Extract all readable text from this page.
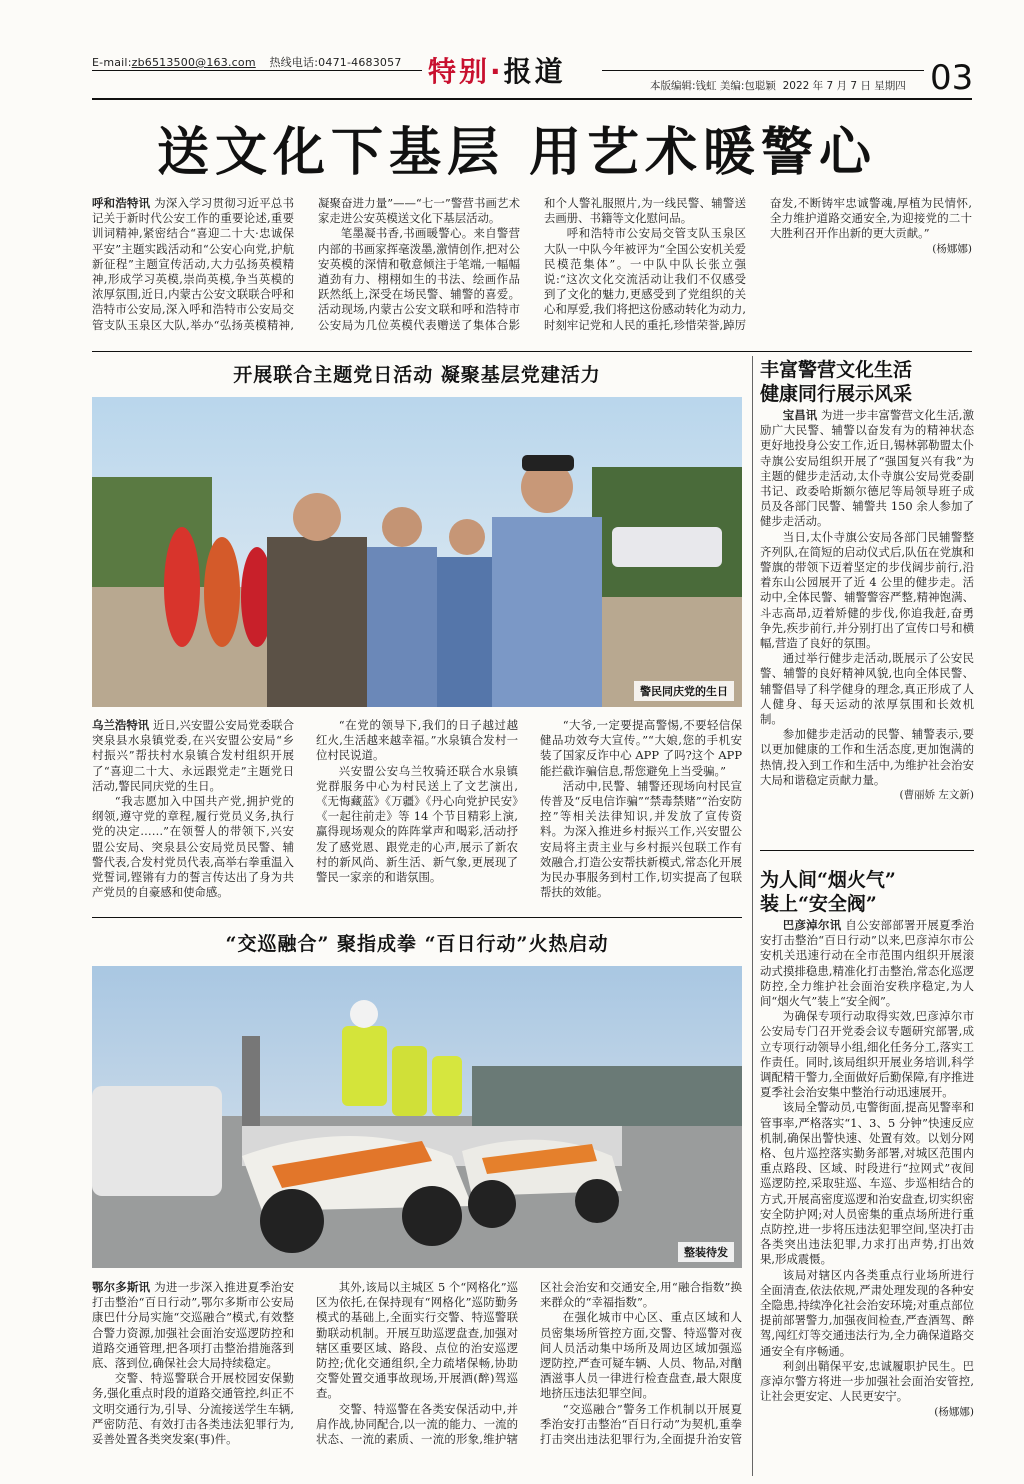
E-mail:zb6513500@163.com 热线电话:0471-4683057 特别·报道	本版编辑:钱虹 美编:包聪颖 2022 年 7 月 7 日 星期四 03
送文化下基层 用艺术暖警心

呼和浩特讯 为深入学习贯彻习近平总书记关于新时代公安工作的重要论述,重要训词精神,紧密结合“喜迎二十大·忠诚保平安”主题实践活动和“公安心向党,护航新征程”主题宣传活动,大力弘扬英模精神,形成学习英模,崇尚英模,争当英模的浓厚氛围,近日,内蒙古公安文联联合呼和浩特市公安局,深入呼和浩特市公安局交管支队玉泉区大队,举办“弘扬英模精神,凝聚奋进力量”——“七一”警营书画艺术家走进公安英模送文化下基层活动。

笔墨凝书香,书画暖警心。来自警营内部的书画家挥毫泼墨,激情创作,把对公安英模的深情和敬意倾注于笔端,一幅幅遒劲有力、栩栩如生的书法、绘画作品跃然纸上,深受在场民警、辅警的喜爱。活动现场,内蒙古公安文联和呼和浩特市公安局为几位英模代表赠送了集体合影和个人警礼服照片,为一线民警、辅警送去画册、书籍等文化慰问品。

呼和浩特市公安局交管支队玉泉区大队一中队今年被评为“全国公安机关爱民模范集体”。一中队中队长张立强说:“这次文化交流活动让我们不仅感受到了文化的魅力,更感受到了党组织的关心和厚爱,我们将把这份感动转化为动力,时刻牢记党和人民的重托,珍惜荣誉,踔厉奋发,不断铸牢忠诚警魂,厚植为民情怀,全力维护道路交通安全,为迎接党的二十大胜利召开作出新的更大贡献。”

(杨娜娜)

开展联合主题党日活动 凝聚基层党建活力
警民同庆党的生日

乌兰浩特讯 近日,兴安盟公安局党委联合突泉县水泉镇党委,在兴安盟公安局“乡村振兴”帮扶村水泉镇合发村组织开展了“喜迎二十大、永远跟党走”主题党日活动,警民同庆党的生日。

“我志愿加入中国共产党,拥护党的纲领,遵守党的章程,履行党员义务,执行党的决定……”在领誓人的带领下,兴安盟公安局、突泉县公安局党员民警、辅警代表,合发村党员代表,高举右拳重温入党誓词,铿锵有力的誓言传达出了身为共产党员的自豪感和使命感。

“在党的领导下,我们的日子越过越红火,生活越来越幸福。”水泉镇合发村一位村民说道。

兴安盟公安乌兰牧骑还联合水泉镇党群服务中心为村民送上了文艺演出,《无悔藏蓝》《万疆》《丹心向党护民安》《一起往前走》等 14 个节目精彩上演,赢得现场观众的阵阵掌声和喝彩,活动抒发了感党恩、跟党走的心声,展示了新农村的新风尚、新生活、新气象,更展现了警民一家亲的和谐氛围。

“大爷,一定要提高警惕,不要轻信保健品功效夸大宣传。”“大娘,您的手机安装了国家反诈中心 APP 了吗?这个 APP 能拦截诈骗信息,帮您避免上当受骗。”

活动中,民警、辅警还现场向村民宣传普及“反电信诈骗”“禁毒禁赌”“治安防控”等相关法律知识,并发放了宣传资料。为深入推进乡村振兴工作,兴安盟公安局将主责主业与乡村振兴包联工作有效融合,打造公安帮扶新模式,常态化开展为民办事服务到村工作,切实提高了包联帮扶的效能。

丰富警营文化生活
健康同行展示风采

宝昌讯 为进一步丰富警营文化生活,激励广大民警、辅警以奋发有为的精神状态更好地投身公安工作,近日,锡林郭勒盟太仆寺旗公安局组织开展了“强国复兴有我”为主题的健步走活动,太仆寺旗公安局党委副书记、政委哈斯额尔德尼等局领导班子成员及各部门民警、辅警共 150 余人参加了健步走活动。

当日,太仆寺旗公安局各部门民辅警整齐列队,在简短的启动仪式后,队伍在党旗和警旗的带领下迈着坚定的步伐阔步前行,沿着东山公园展开了近 4 公里的健步走。活动中,全体民警、辅警警容严整,精神饱满、斗志高昂,迈着矫健的步伐,你追我赶,奋勇争先,疾步前行,并分别打出了宣传口号和横幅,营造了良好的氛围。

通过举行健步走活动,既展示了公安民警、辅警的良好精神风貌,也向全体民警、辅警倡导了科学健身的理念,真正形成了人人健身、每天运动的浓厚氛围和长效机制。

参加健步走活动的民警、辅警表示,要以更加健康的工作和生活态度,更加饱满的热情,投入到工作和生活中,为维护社会治安大局和谐稳定贡献力量。

(曹丽娇 左文新)

为人间“烟火气”
装上“安全阀”

巴彦淖尔讯 自公安部部署开展夏季治安打击整治“百日行动”以来,巴彦淖尔市公安机关迅速行动在全市范围内组织开展滚动式摸排稳患,精准化打击整治,常态化巡逻防控,全力维护社会面治安秩序稳定,为人间“烟火气”装上“安全阀”。

为确保专项行动取得实效,巴彦淖尔市公安局专门召开党委会议专题研究部署,成立专项行动领导小组,细化任务分工,落实工作责任。同时,该局组织开展业务培训,科学调配精干警力,全面做好后勤保障,有序推进夏季社会治安集中整治行动迅速展开。

该局全警动员,屯警街面,提高见警率和管事率,严格落实“1、3、5 分钟”快速反应机制,确保出警快速、处置有效。以划分网格、包片巡控落实勤务部署,对城区范围内重点路段、区域、时段进行“拉网式”夜间巡逻防控,采取驻巡、车巡、步巡相结合的方式,开展高密度巡逻和治安盘查,切实织密安全防护网;对人员密集的重点场所进行重点防控,进一步将压违法犯罪空间,坚决打击各类突出违法犯罪,力求打出声势,打出效果,形成震慑。

该局对辖区内各类重点行业场所进行全面清查,依法依规,严肃处理发现的各种安全隐患,持续净化社会治安环境;对重点部位提前部署警力,加强夜间检查,严查酒驾、醉驾,闯红灯等交通违法行为,全力确保道路交通安全有序畅通。

利剑出鞘保平安,忠诚履职护民生。巴彦淖尔警方将进一步加强社会面治安管控,让社会更安定、人民更安宁。

(杨娜娜)

“交巡融合” 聚指成拳 “百日行动”火热启动
整装待发

鄂尔多斯讯 为进一步深入推进夏季治安打击整治“百日行动”,鄂尔多斯市公安局康巴什分局实施“交巡融合”模式,有效整合警力资源,加强社会面治安巡逻防控和道路交通管理,把各项打击整治措施落到底、落到位,确保社会大局持续稳定。

交警、特巡警联合开展校园安保勤务,强化重点时段的道路交通管控,纠正不文明交通行为,引导、分流接送学生车辆,严密防范、有效打击各类违法犯罪行为,妥善处置各类突发案(事)件。

其外,该局以主城区 5 个“网格化”巡区为依托,在保持现有“网格化”巡防勤务模式的基础上,全面实行交警、特巡警联勤联动机制。开展互助巡逻盘查,加强对辖区重要区域、路段、点位的治安巡逻防控;优化交通组织,全力疏堵保畅,协助交警处置交通事故现场,开展酒(醉)驾巡查。

交警、特巡警在各类安保活动中,并肩作战,协同配合,以一流的能力、一流的状态、一流的素质、一流的形象,维护辖区社会治安和交通安全,用“融合指数”换来群众的“幸福指数”。

在强化城市中心区、重点区域和人员密集场所管控方面,交警、特巡警对夜间人员活动集中场所及周边区域加强巡逻防控,严查可疑车辆、人员、物品,对酗酒滋事人员一律进行检查盘查,最大限度地挤压违法犯罪空间。

“交巡融合”警务工作机制以开展夏季治安打击整治“百日行动”为契机,重拳打击突出违法犯罪行为,全面提升治安管
